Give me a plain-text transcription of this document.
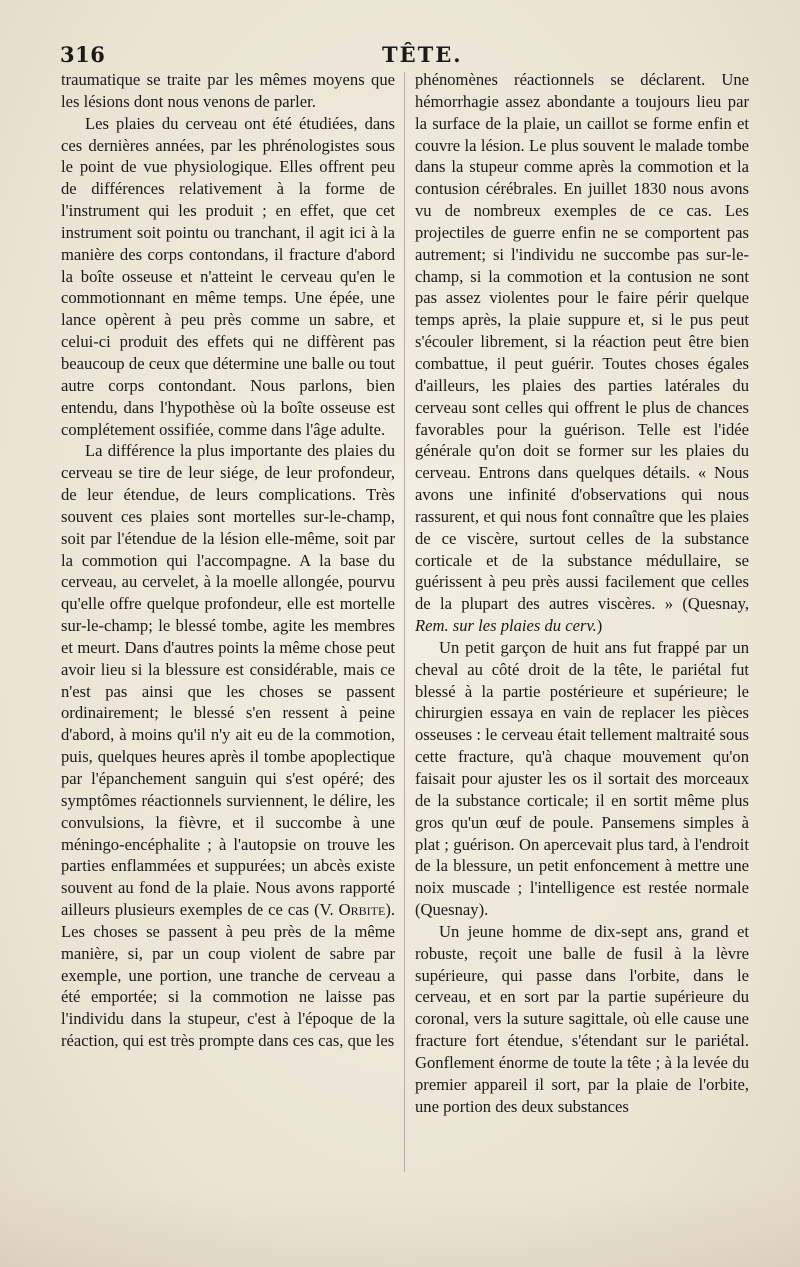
316	TÊTE.

traumatique se traite par les mêmes moyens que les lésions dont nous venons de parler.

Les plaies du cerveau ont été étudiées, dans ces dernières années, par les phrénologistes sous le point de vue physiologique. Elles offrent peu de différences relativement à la forme de l'instrument qui les produit ; en effet, que cet instrument soit pointu ou tranchant, il agit ici à la manière des corps contondans, il fracture d'abord la boîte osseuse et n'atteint le cerveau qu'en le commotionnant en même temps. Une épée, une lance opèrent à peu près comme un sabre, et celui-ci produit des effets qui ne diffèrent pas beaucoup de ceux que détermine une balle ou tout autre corps contondant. Nous parlons, bien entendu, dans l'hypothèse où la boîte osseuse est complétement ossifiée, comme dans l'âge adulte.

La différence la plus importante des plaies du cerveau se tire de leur siége, de leur profondeur, de leur étendue, de leurs complications. Très souvent ces plaies sont mortelles sur-le-champ, soit par l'étendue de la lésion elle-même, soit par la commotion qui l'accompagne. A la base du cerveau, au cervelet, à la moelle allongée, pourvu qu'elle offre quelque profondeur, elle est mortelle sur-le-champ; le blessé tombe, agite les membres et meurt. Dans d'autres points la même chose peut avoir lieu si la blessure est considérable, mais ce n'est pas ainsi que les choses se passent ordinairement; le blessé s'en ressent à peine d'abord, à moins qu'il n'y ait eu de la commotion, puis, quelques heures après il tombe apoplectique par l'épanchement sanguin qui s'est opéré; des symptômes réactionnels surviennent, le délire, les convulsions, la fièvre, et il succombe à une méningo-encéphalite ; à l'autopsie on trouve les parties enflammées et suppurées; un abcès existe souvent au fond de la plaie. Nous avons rapporté ailleurs plusieurs exemples de ce cas (V. Orbite). Les choses se passent à peu près de la même manière, si, par un coup violent de sabre par exemple, une portion, une tranche de cerveau a été emportée; si la commotion ne laisse pas l'individu dans la stupeur, c'est à l'époque de la réaction, qui est très prompte dans ces cas, que les

phénomènes réactionnels se déclarent. Une hémorrhagie assez abondante a toujours lieu par la surface de la plaie, un caillot se forme enfin et couvre la lésion. Le plus souvent le malade tombe dans la stupeur comme après la commotion et la contusion cérébrales. En juillet 1830 nous avons vu de nombreux exemples de ce cas. Les projectiles de guerre enfin ne se comportent pas autrement; si l'individu ne succombe pas sur-le-champ, si la commotion et la contusion ne sont pas assez violentes pour le faire périr quelque temps après, la plaie suppure et, si le pus peut s'écouler librement, si la réaction peut être bien combattue, il peut guérir. Toutes choses égales d'ailleurs, les plaies des parties latérales du cerveau sont celles qui offrent le plus de chances favorables pour la guérison. Telle est l'idée générale qu'on doit se former sur les plaies du cerveau. Entrons dans quelques détails. « Nous avons une infinité d'observations qui nous rassurent, et qui nous font connaître que les plaies de ce viscère, surtout celles de la substance corticale et de la substance médullaire, se guérissent à peu près aussi facilement que celles de la plupart des autres viscères. » (Quesnay, Rem. sur les plaies du cerv.)

Un petit garçon de huit ans fut frappé par un cheval au côté droit de la tête, le pariétal fut blessé à la partie postérieure et supérieure; le chirurgien essaya en vain de replacer les pièces osseuses : le cerveau était tellement maltraité sous cette fracture, qu'à chaque mouvement qu'on faisait pour ajuster les os il sortait des morceaux de la substance corticale; il en sortit même plus gros qu'un œuf de poule. Pansemens simples à plat ; guérison. On apercevait plus tard, à l'endroit de la blessure, un petit enfoncement à mettre une noix muscade ; l'intelligence est restée normale (Quesnay).

Un jeune homme de dix-sept ans, grand et robuste, reçoit une balle de fusil à la lèvre supérieure, qui passe dans l'orbite, dans le cerveau, et en sort par la partie supérieure du coronal, vers la suture sagittale, où elle cause une fracture fort étendue, s'étendant sur le pariétal. Gonflement énorme de toute la tête ; à la levée du premier appareil il sort, par la plaie de l'orbite, une portion des deux substances
